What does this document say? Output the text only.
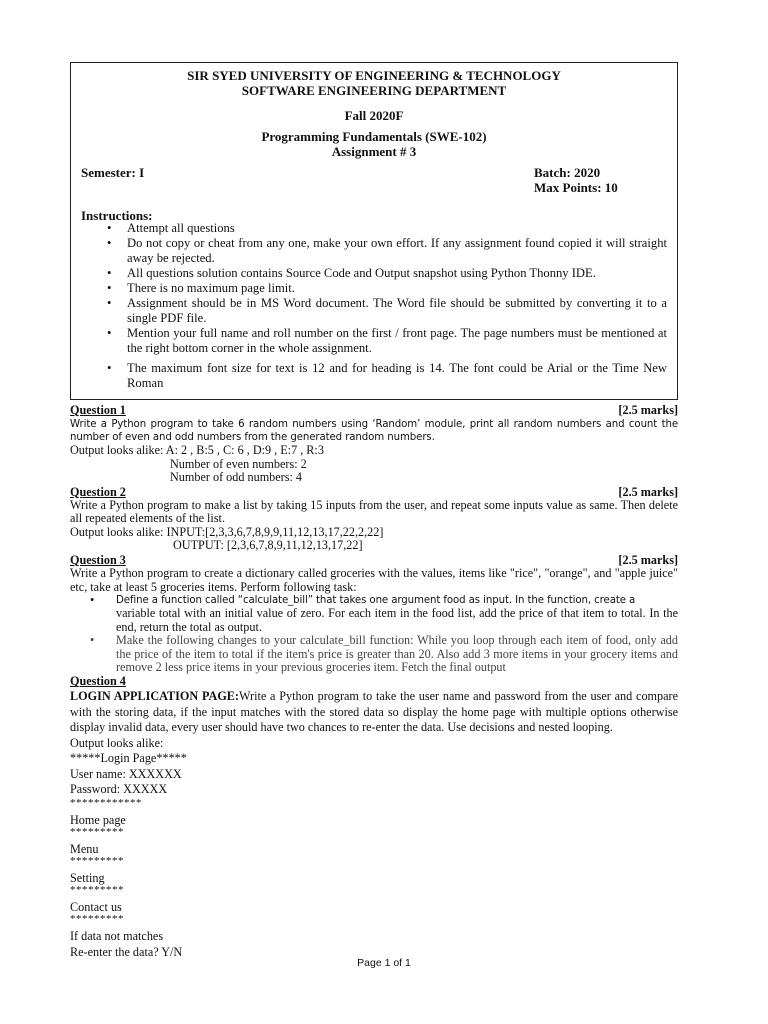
SIR SYED UNIVERSITY OF ENGINEERING & TECHNOLOGY
SOFTWARE ENGINEERING DEPARTMENT
Fall 2020F
Programming Fundamentals (SWE-102)
Assignment # 3
Semester: I	Batch: 2020
Max Points: 10
Instructions:
• Attempt all questions
• Do not copy or cheat from any one, make your own effort. If any assignment found copied it will straight away be rejected.
• All questions solution contains Source Code and Output snapshot using Python Thonny IDE.
• There is no maximum page limit.
• Assignment should be in MS Word document. The Word file should be submitted by converting it to a single PDF file.
• Mention your full name and roll number on the first / front page. The page numbers must be mentioned at the right bottom corner in the whole assignment.
• The maximum font size for text is 12 and for heading is 14. The font could be Arial or the Time New Roman
Question 1	[2.5 marks]
Write a Python program to take 6 random numbers using ‘Random’ module, print all random numbers and count the number of even and odd numbers from the generated random numbers.
Output looks alike: A: 2 , B:5 , C: 6 , D:9 , E:7 , R:3
Number of even numbers: 2
Number of odd numbers: 4
Question 2	[2.5 marks]
Write a Python program to make a list by taking 15 inputs from the user, and repeat some inputs value as same. Then delete all repeated elements of the list.
Output looks alike: INPUT:[2,3,3,6,7,8,9,9,11,12,13,17,22,2,22]
OUTPUT: [2,3,6,7,8,9,11,12,13,17,22]
Question 3	[2.5 marks]
Write a Python program to create a dictionary called groceries with the values, items like "rice", "orange", and "apple juice" etc, take at least 5 groceries items. Perform following task:
• Define a function called “calculate_bill” that takes one argument food as input. In the function, create a
variable total with an initial value of zero. For each item in the food list, add the price of that item to total. In the end, return the total as output.
• Make the following changes to your calculate_bill function: While you loop through each item of food, only add the price of the item to total if the item's price is greater than 20. Also add 3 more items in your grocery items and remove 2 less price items in your previous groceries item. Fetch the final output
Question 4
LOGIN APPLICATION PAGE:Write a Python program to take the user name and password from the user and compare with the storing data, if the input matches with the stored data so display the home page with multiple options otherwise display invalid data, every user should have two chances to re-enter the data. Use decisions and nested looping.
Output looks alike:
*****Login Page*****
User name: XXXXXX
Password: XXXXX
************
Home page
*********
Menu
*********
Setting
*********
Contact us
*********
If data not matches
Re-enter the data? Y/N
Page 1 of 1
